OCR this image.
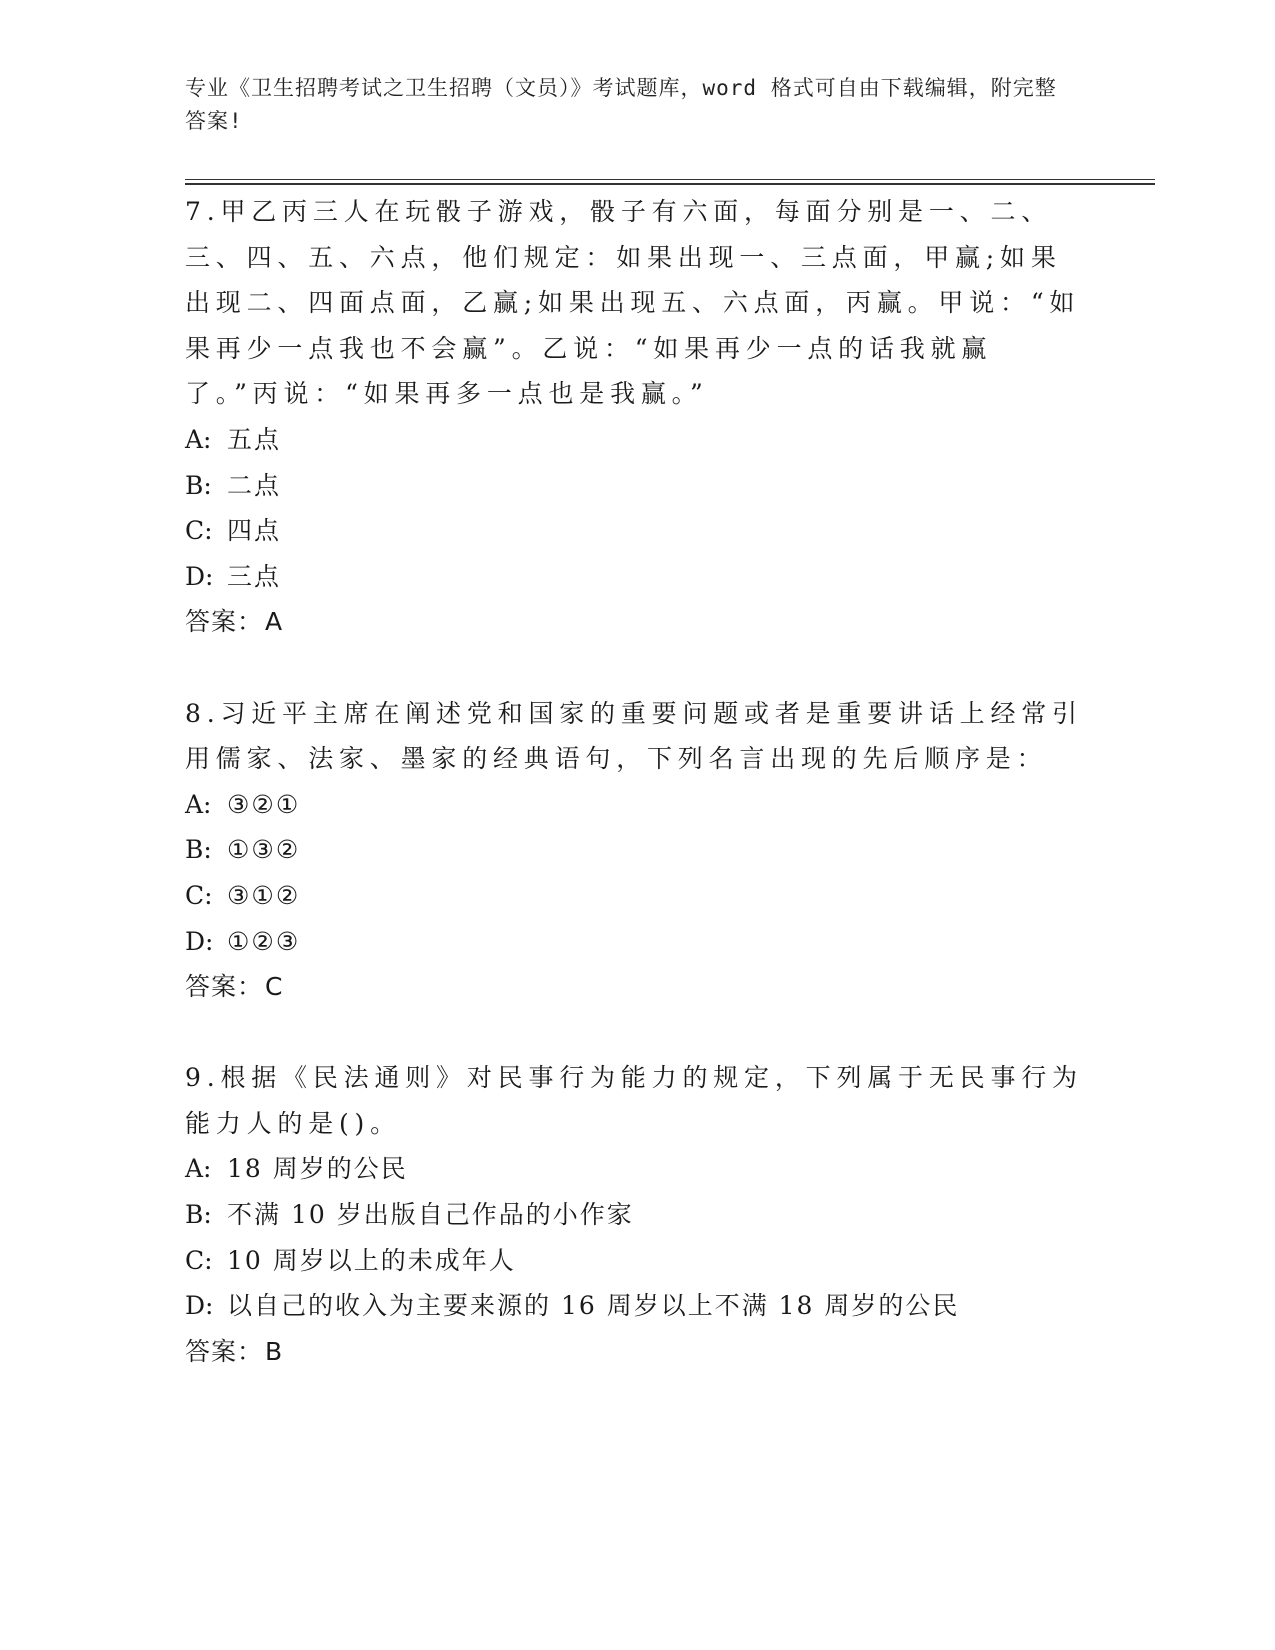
专业《卫生招聘考试之卫生招聘（文员）》考试题库，word 格式可自由下载编辑，附完整答案!

7.甲乙丙三人在玩骰子游戏，骰子有六面，每面分别是一、二、三、四、五、六点，他们规定：如果出现一、三点面，甲赢;如果出现二、四面点面，乙赢;如果出现五、六点面，丙赢。甲说：“如果再少一点我也不会赢”。乙说：“如果再少一点的话我就赢了。”丙说：“如果再多一点也是我赢。”

A: 五点

B: 二点

C: 四点

D: 三点

答案：A

8.习近平主席在阐述党和国家的重要问题或者是重要讲话上经常引用儒家、法家、墨家的经典语句，下列名言出现的先后顺序是：

A: ③②①

B: ①③②

C: ③①②

D: ①②③

答案：C

9.根据《民法通则》对民事行为能力的规定，下列属于无民事行为能力人的是()。

A: 18 周岁的公民

B: 不满 10 岁出版自己作品的小作家

C: 10 周岁以上的未成年人

D: 以自己的收入为主要来源的 16 周岁以上不满 18 周岁的公民

答案：B
